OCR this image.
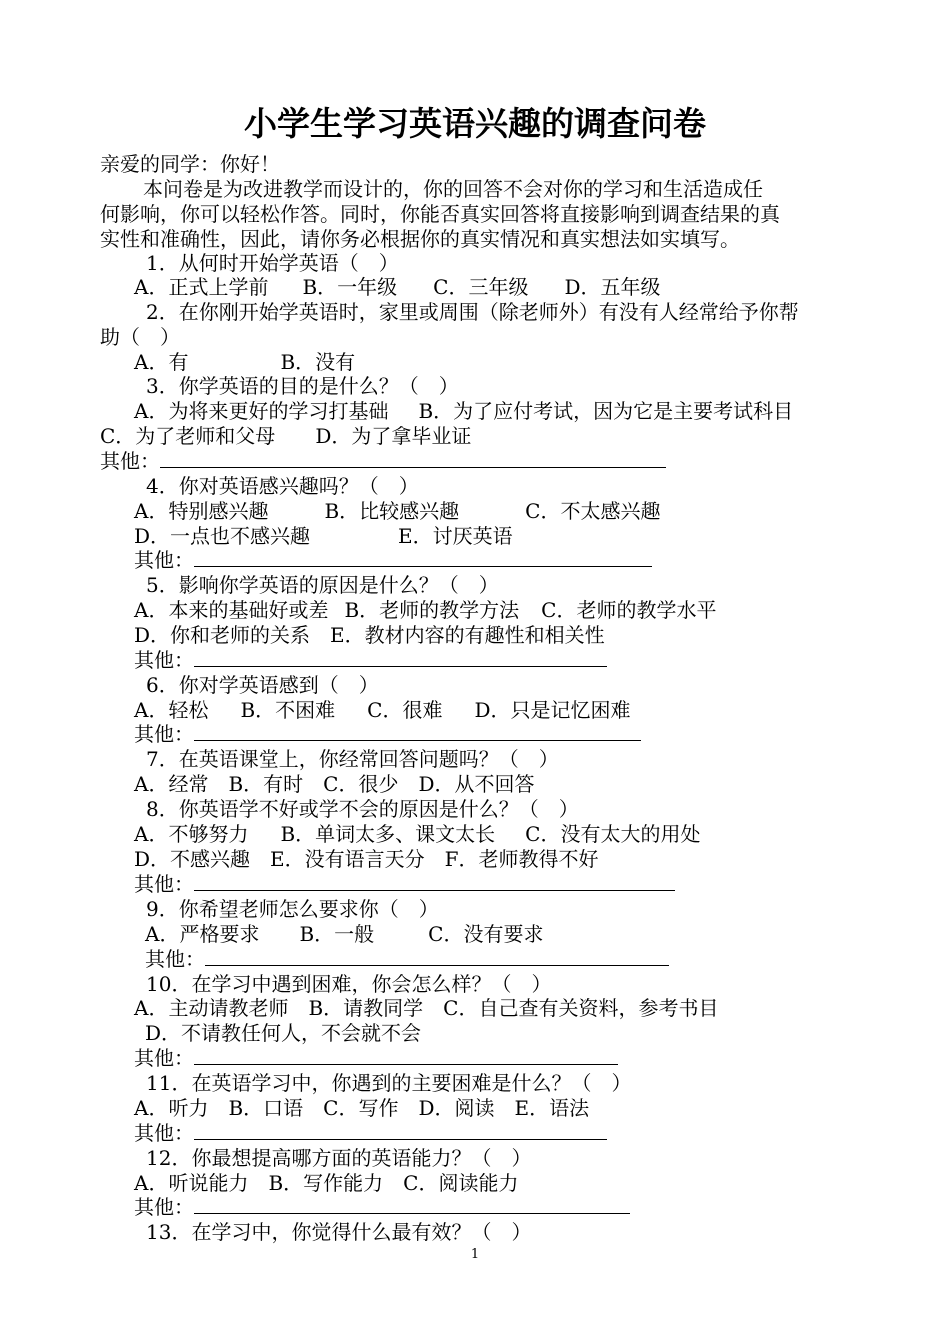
小学生学习英语兴趣的调查问卷
亲爱的同学：你好！
本问卷是为改进教学而设计的，你的回答不会对你的学习和生活造成任
何影响，你可以轻松作答。同时，你能否真实回答将直接影响到调查结果的真
实性和准确性，因此，请你务必根据你的真实情况和真实想法如实填写。
1．从何时开始学英语（　）
A．正式上学前 B．一年级 C．三年级 D．五年级
2．在你刚开始学英语时，家里或周围（除老师外）有没有人经常给予你帮
助（　）
A．有	B．没有
3．你学英语的目的是什么？（　）
A．为将来更好的学习打基础 B．为了应付考试，因为它是主要考试科目
C．为了老师和父母 D．为了拿毕业证
其他：
4．你对英语感兴趣吗？（　）
A．特别感兴趣	B．比较感兴趣	C．不太感兴趣
D．一点也不感兴趣	E．讨厌英语
其他：
5．影响你学英语的原因是什么？（　）
A．本来的基础好或差 B．老师的教学方法 C．老师的教学水平
D．你和老师的关系 E．教材内容的有趣性和相关性
其他：
6．你对学英语感到（　）
A．轻松 B．不困难 C．很难 D．只是记忆困难
其他：
7．在英语课堂上，你经常回答问题吗？（　）
A．经常 B．有时 C．很少 D．从不回答
8．你英语学不好或学不会的原因是什么？（　）
A．不够努力 B．单词太多、课文太长 C．没有太大的用处
D．不感兴趣 E．没有语言天分 F．老师教得不好
其他：
9．你希望老师怎么要求你（　）
A．严格要求 B．一般	C．没有要求
其他：
10．在学习中遇到困难，你会怎么样？（　）
A．主动请教老师 B．请教同学 C．自己查有关资料，参考书目
D．不请教任何人，不会就不会
其他：
11．在英语学习中，你遇到的主要困难是什么？（　）
A．听力 B．口语 C．写作 D．阅读 E．语法
其他：
12．你最想提高哪方面的英语能力？（　）
A．听说能力 B．写作能力 C．阅读能力
其他：
13．在学习中，你觉得什么最有效？（　）
1
